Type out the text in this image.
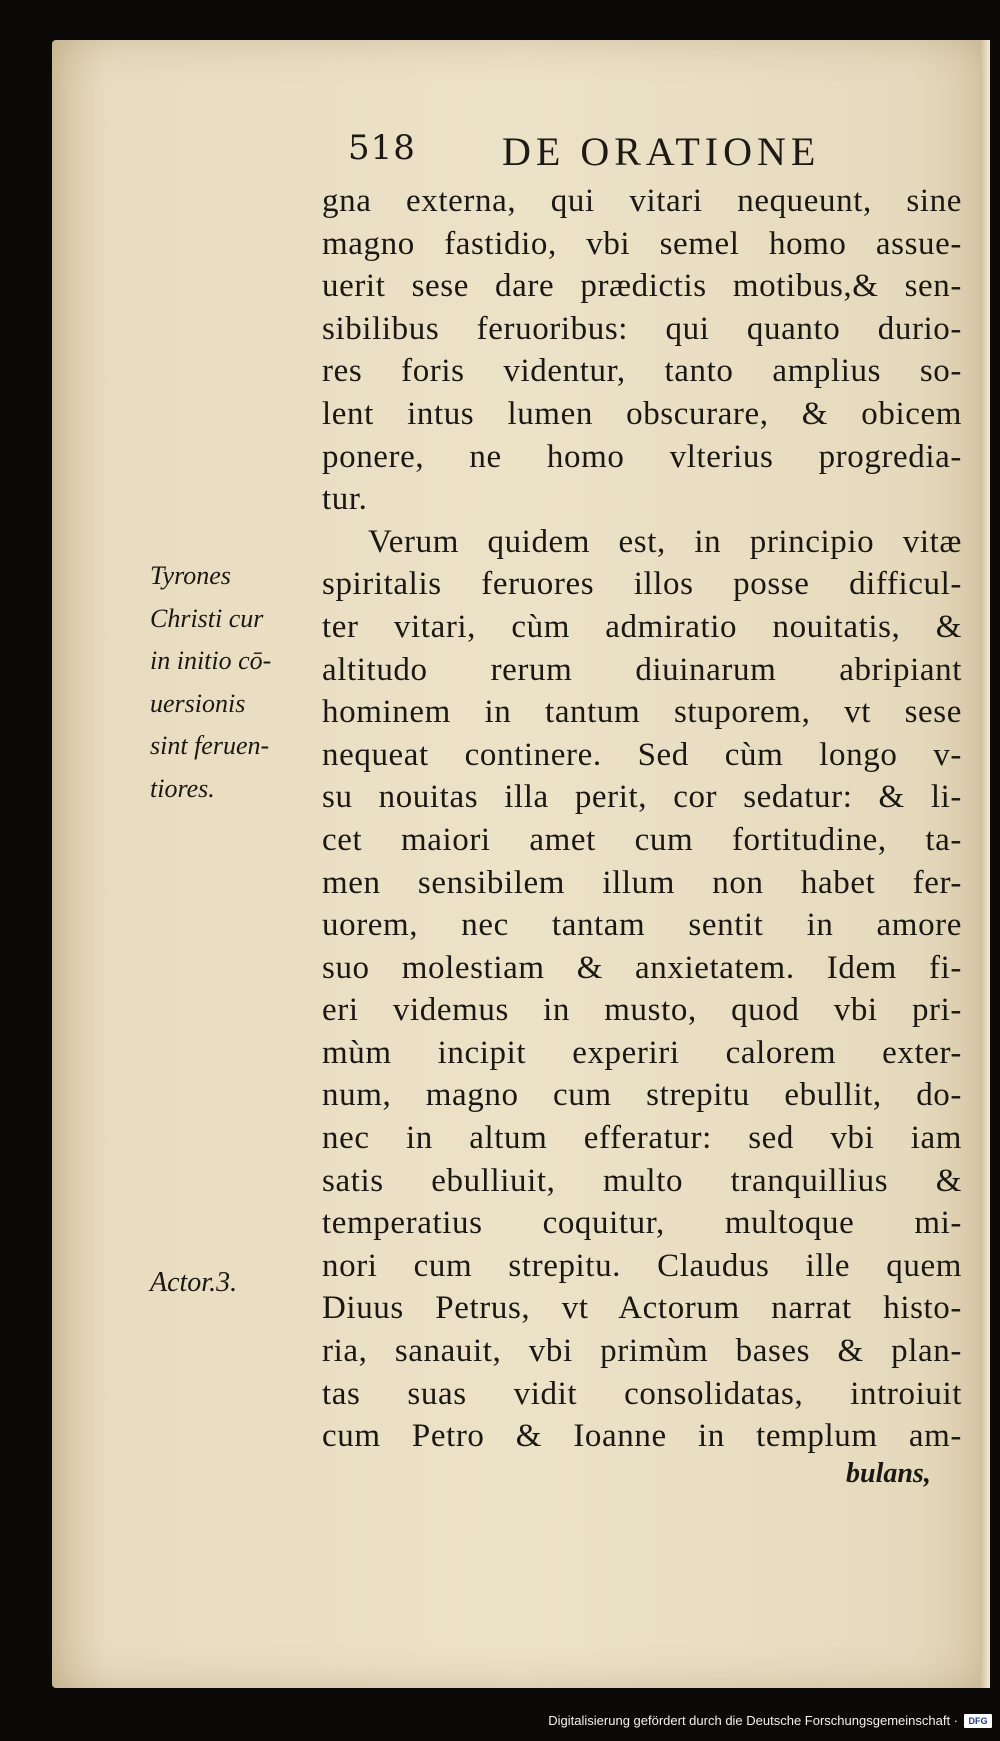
518 DE ORATIONE
gna externa, qui vitari nequeunt, sine
magno fastidio, vbi semel homo assue-
uerit sese dare prædictis motibus,& sen-
sibilibus feruoribus: qui quanto durio-
res foris videntur, tanto amplius so-
lent intus lumen obscurare, & obicem
ponere, ne homo vlterius progredia-
tur.
Verum quidem est, in principio vitæ
spiritalis feruores illos posse difficul-
ter vitari, cùm admiratio nouitatis, &
altitudo rerum diuinarum abripiant
hominem in tantum stuporem, vt sese
nequeat continere. Sed cùm longo v-
su nouitas illa perit, cor sedatur: & li-
cet maiori amet cum fortitudine, ta-
men sensibilem illum non habet fer-
uorem, nec tantam sentit in amore
suo molestiam & anxietatem. Idem fi-
eri videmus in musto, quod vbi pri-
mùm incipit experiri calorem exter-
num, magno cum strepitu ebullit, do-
nec in altum efferatur: sed vbi iam
satis ebulliuit, multo tranquillius &
temperatius coquitur, multoque mi-
nori cum strepitu. Claudus ille quem
Diuus Petrus, vt Actorum narrat histo-
ria, sanauit, vbi primùm bases & plan-
tas suas vidit consolidatas, introiuit
cum Petro & Ioanne in templum am-
bulans,
Tyrones
Christi cur
in initio cō-
uersionis
sint feruen-
tiores.
Actor.3.
Digitalisierung gefördert durch die Deutsche Forschungsgemeinschaft ·	DFG
